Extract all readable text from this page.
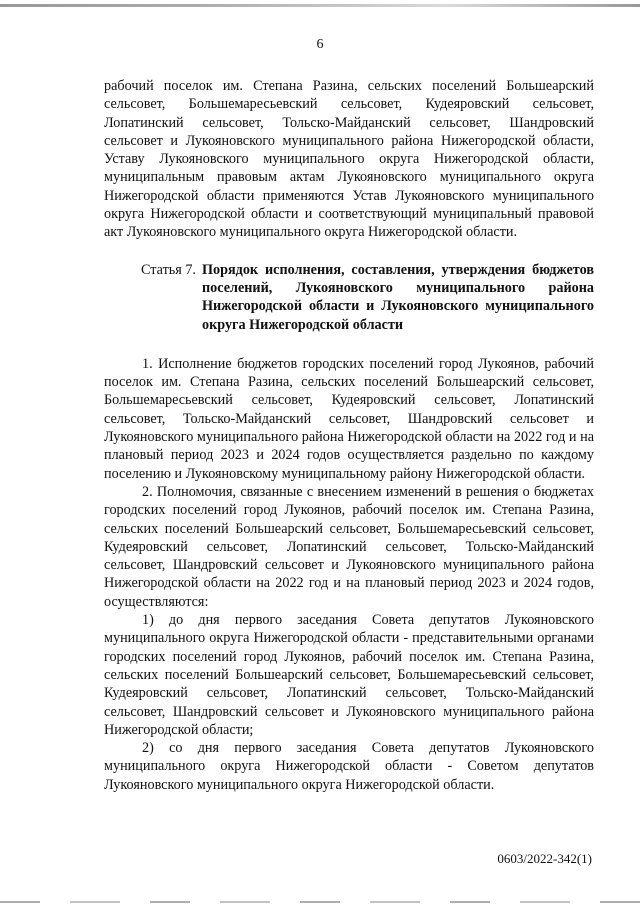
6

рабочий поселок им. Степана Разина, сельских поселений Большеарский сельсовет, Большемаресьевский сельсовет, Кудеяровский сельсовет, Лопатинский сельсовет, Тольско-Майданский сельсовет, Шандровский сельсовет и Лукояновского муниципального района Нижегородской области, Уставу Лукояновского муниципального округа Нижегородской области, муниципальным правовым актам Лукояновского муниципального округа Нижегородской области применяются Устав Лукояновского муниципального округа Нижегородской области и соответствующий муниципальный правовой акт Лукояновского муниципального округа Нижегородской области.

Статья 7. Порядок исполнения, составления, утверждения бюджетов поселений, Лукояновского муниципального района Нижегородской области и Лукояновского муниципального округа Нижегородской области

1. Исполнение бюджетов городских поселений город Лукоянов, рабочий поселок им. Степана Разина, сельских поселений Большеарский сельсовет, Большемаресьевский сельсовет, Кудеяровский сельсовет, Лопатинский сельсовет, Тольско-Майданский сельсовет, Шандровский сельсовет и Лукояновского муниципального района Нижегородской области на 2022 год и на плановый период 2023 и 2024 годов осуществляется раздельно по каждому поселению и Лукояновскому муниципальному району Нижегородской области.

2. Полномочия, связанные с внесением изменений в решения о бюджетах городских поселений город Лукоянов, рабочий поселок им. Степана Разина, сельских поселений Большеарский сельсовет, Большемаресьевский сельсовет, Кудеяровский сельсовет, Лопатинский сельсовет, Тольско-Майданский сельсовет, Шандровский сельсовет и Лукояновского муниципального района Нижегородской области на 2022 год и на плановый период 2023 и 2024 годов, осуществляются:

1) до дня первого заседания Совета депутатов Лукояновского муниципального округа Нижегородской области - представительными органами городских поселений город Лукоянов, рабочий поселок им. Степана Разина, сельских поселений Большеарский сельсовет, Большемаресьевский сельсовет, Кудеяровский сельсовет, Лопатинский сельсовет, Тольско-Майданский сельсовет, Шандровский сельсовет и Лукояновского муниципального района Нижегородской области;

2) со дня первого заседания Совета депутатов Лукояновского муниципального округа Нижегородской области - Советом депутатов Лукояновского муниципального округа Нижегородской области.

0603/2022-342(1)
